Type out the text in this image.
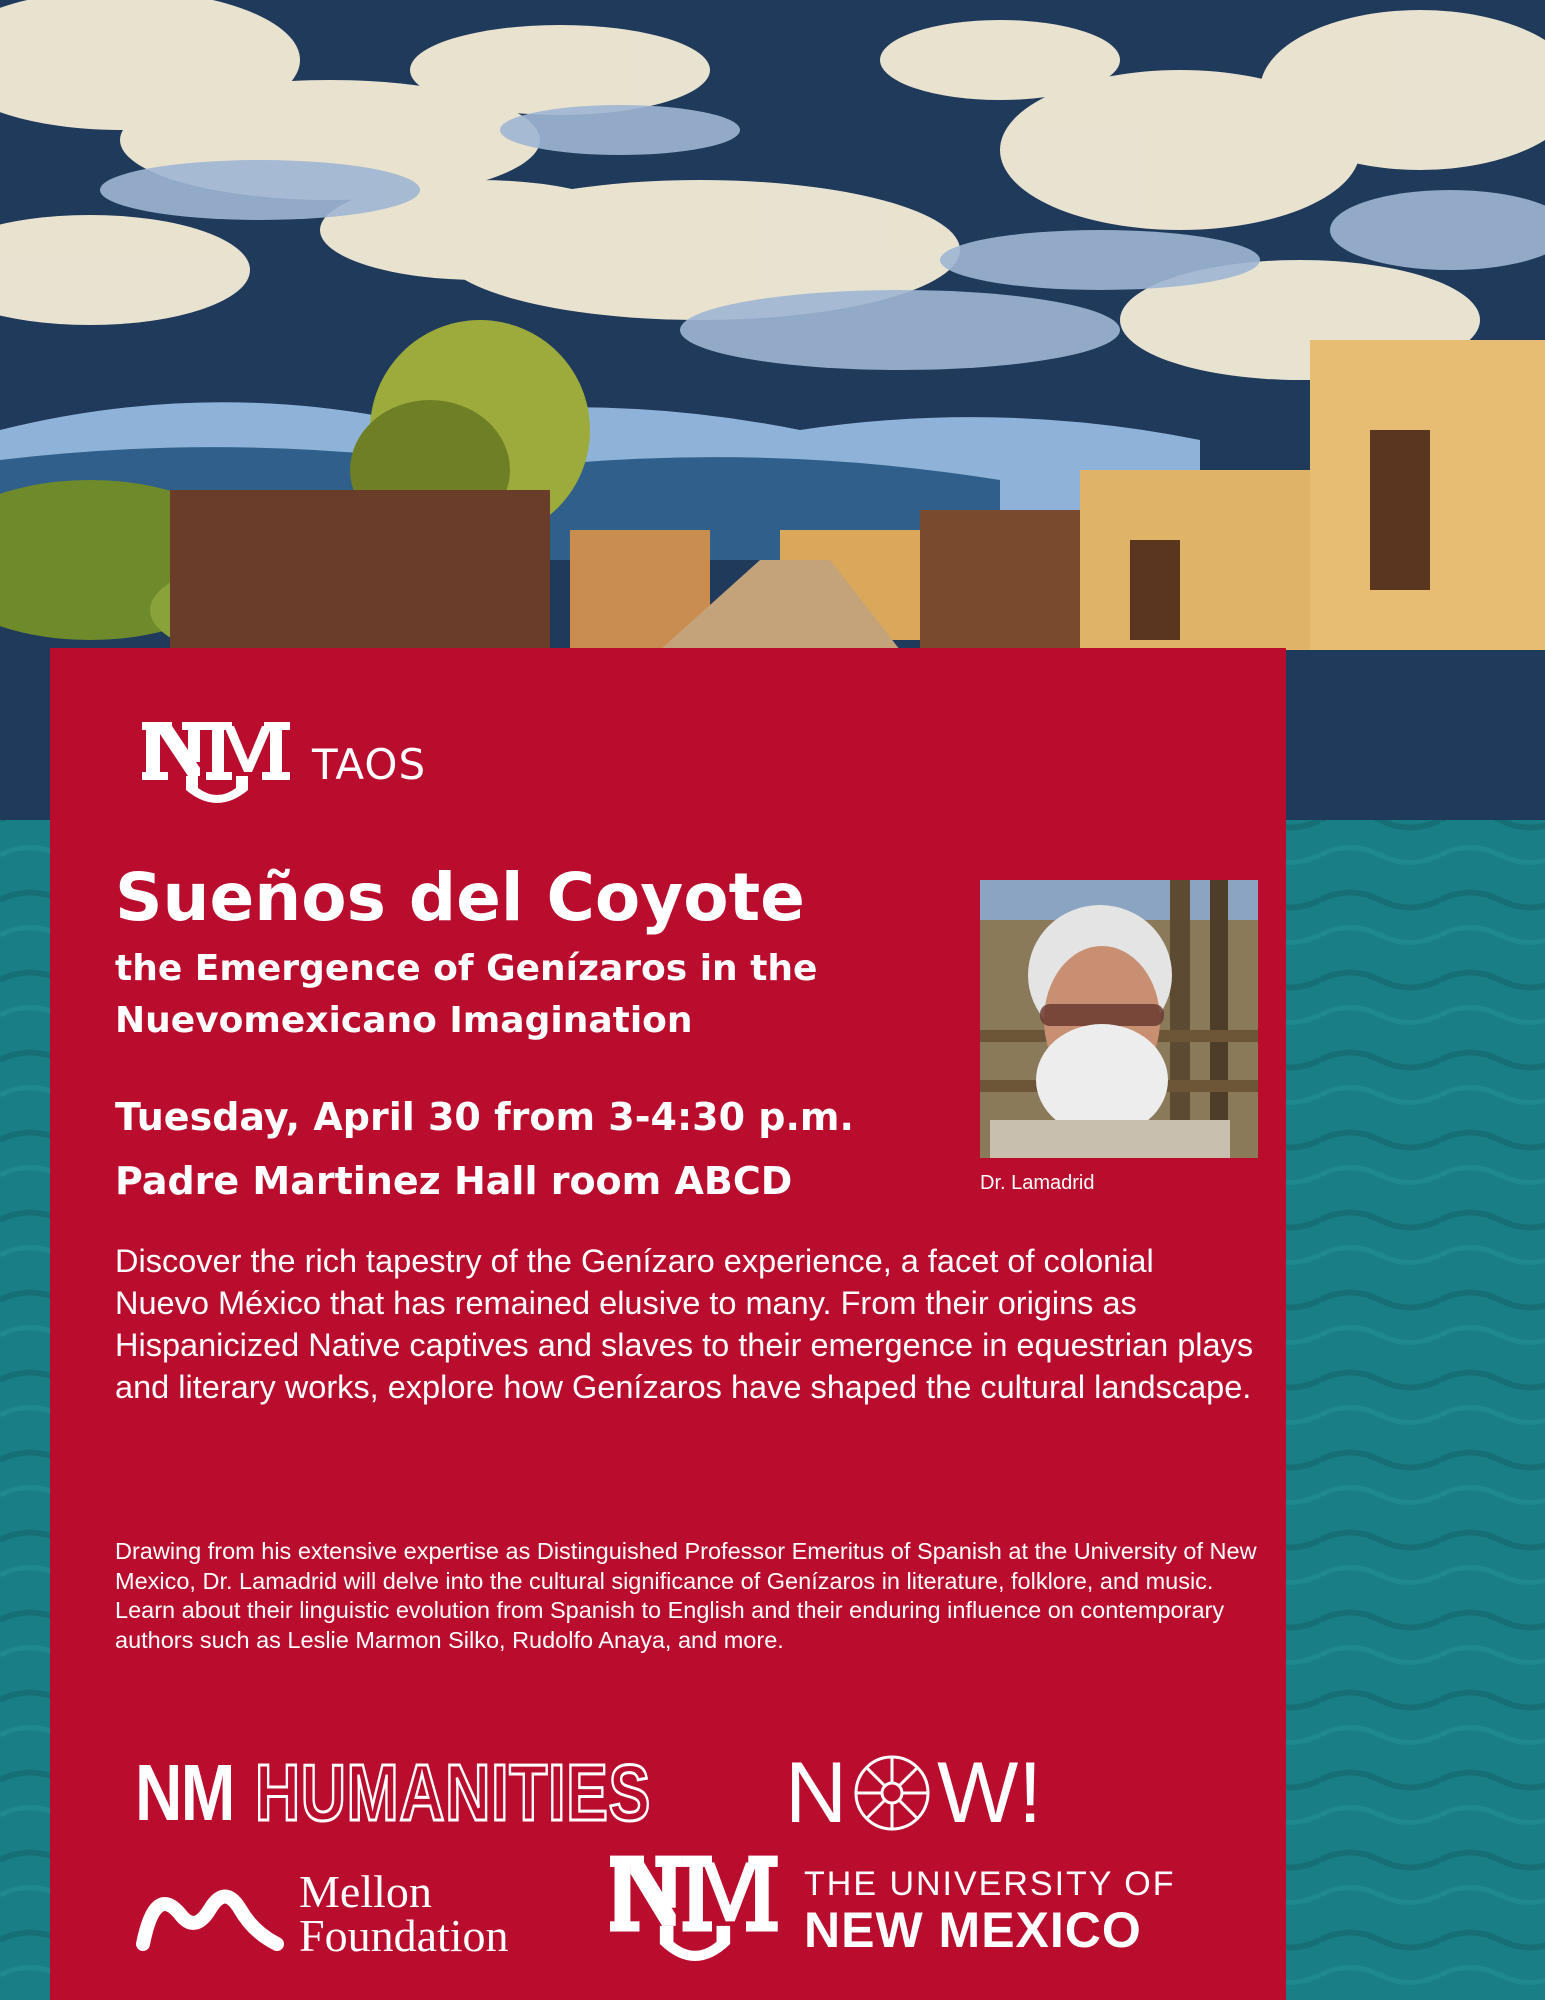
TAOS
Sueños del Coyote
the Emergence of Genízaros in the Nuevomexicano Imagination
Tuesday, April 30 from 3-4:30 p.m.
Padre Martinez Hall room ABCD	Dr. Lamadrid

Discover the rich tapestry of the Genízaro experience, a facet of colonial Nuevo México that has remained elusive to many. From their origins as Hispanicized Native captives and slaves to their emergence in equestrian plays and literary works, explore how Genízaros have shaped the cultural landscape.

Drawing from his extensive expertise as Distinguished Professor Emeritus of Spanish at the University of New Mexico, Dr. Lamadrid will delve into the cultural significance of Genízaros in literature, folklore, and music. Learn about their linguistic evolution from Spanish to English and their enduring influence on contemporary authors such as Leslie Marmon Silko, Rudolfo Anaya, and more.

NM HUMANITIES N W!
Mellon
Foundation
THE UNIVERSITY OF
NEW MEXICO
